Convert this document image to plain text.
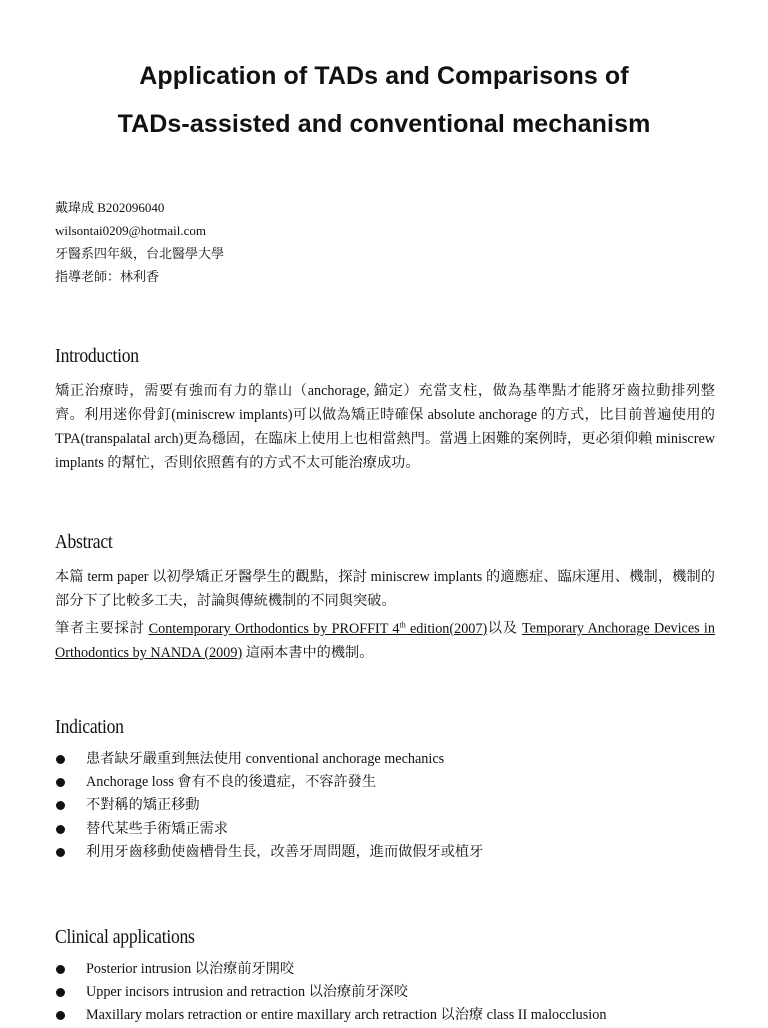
Application of TADs and Comparisons of
TADs-assisted and conventional mechanism
戴瑋成 B202096040
wilsontai0209@hotmail.com
牙醫系四年級，台北醫學大學
指導老師：林利香
Introduction

矯正治療時，需要有強而有力的靠山（anchorage, 錨定）充當支柱，做為基準點才能將牙齒拉動排列整齊。利用迷你骨釘(miniscrew implants)可以做為矯正時確保 absolute anchorage 的方式，比目前普遍使用的 TPA(transpalatal arch)更為穩固，在臨床上使用上也相當熱門。當遇上困難的案例時，更必須仰賴 miniscrew implants 的幫忙，否則依照舊有的方式不太可能治療成功。

Abstract

本篇 term paper 以初學矯正牙醫學生的觀點，探討 miniscrew implants 的適應症、臨床運用、機制，機制的部分下了比較多工夫，討論與傳統機制的不同與突破。

筆者主要採討 Contemporary Orthodontics by PROFFIT 4th edition(2007)以及 Temporary Anchorage Devices in Orthodontics by NANDA (2009) 這兩本書中的機制。

Indication
患者缺牙嚴重到無法使用 conventional anchorage mechanics
Anchorage loss 會有不良的後遺症，不容許發生
不對稱的矯正移動
替代某些手術矯正需求
利用牙齒移動使齒槽骨生長，改善牙周問題，進而做假牙或植牙
Clinical applications
Posterior intrusion 以治療前牙開咬
Upper incisors intrusion and retraction 以治療前牙深咬
Maxillary molars retraction or entire maxillary arch retraction 以治療 class II malocclusion
